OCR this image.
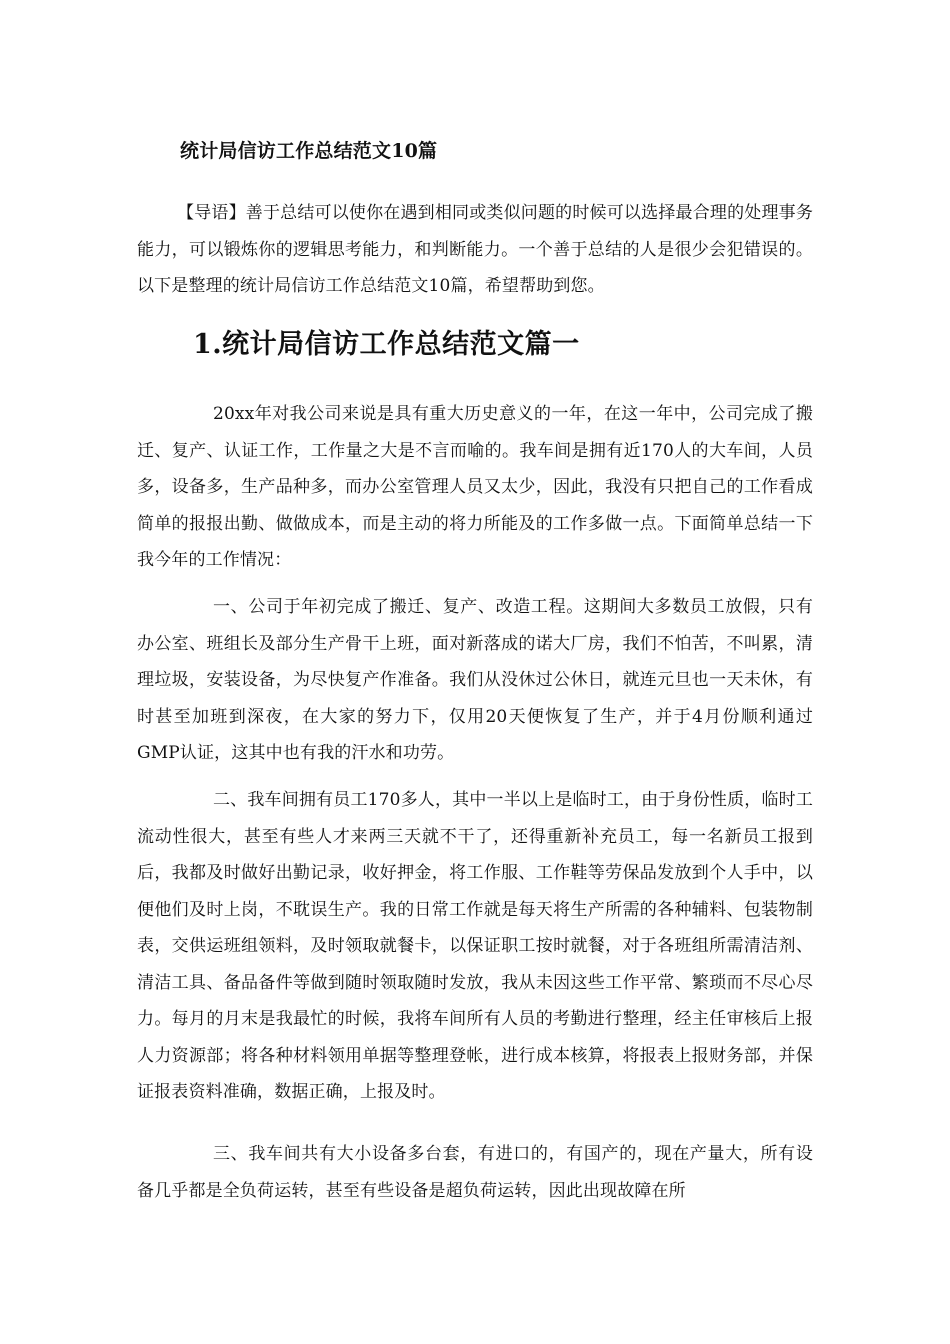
统计局信访工作总结范文10篇

【导语】善于总结可以使你在遇到相同或类似问题的时候可以选择最合理的处理事务能力，可以锻炼你的逻辑思考能力，和判断能力。一个善于总结的人是很少会犯错误的。以下是整理的统计局信访工作总结范文10篇，希望帮助到您。

1.统计局信访工作总结范文篇一

20xx年对我公司来说是具有重大历史意义的一年，在这一年中，公司完成了搬迁、复产、认证工作，工作量之大是不言而喻的。我车间是拥有近170人的大车间，人员多，设备多，生产品种多，而办公室管理人员又太少，因此，我没有只把自己的工作看成简单的报报出勤、做做成本，而是主动的将力所能及的工作多做一点。下面简单总结一下我今年的工作情况：

一、公司于年初完成了搬迁、复产、改造工程。这期间大多数员工放假，只有办公室、班组长及部分生产骨干上班，面对新落成的诺大厂房，我们不怕苦，不叫累，清理垃圾，安装设备，为尽快复产作准备。我们从没休过公休日，就连元旦也一天未休，有时甚至加班到深夜，在大家的努力下，仅用20天便恢复了生产，并于4月份顺利通过GMP认证，这其中也有我的汗水和功劳。

二、我车间拥有员工170多人，其中一半以上是临时工，由于身份性质，临时工流动性很大，甚至有些人才来两三天就不干了，还得重新补充员工，每一名新员工报到后，我都及时做好出勤记录，收好押金，将工作服、工作鞋等劳保品发放到个人手中，以便他们及时上岗，不耽误生产。我的日常工作就是每天将生产所需的各种辅料、包装物制表，交供运班组领料，及时领取就餐卡，以保证职工按时就餐，对于各班组所需清洁剂、清洁工具、备品备件等做到随时领取随时发放，我从未因这些工作平常、繁琐而不尽心尽力。每月的月末是我最忙的时候，我将车间所有人员的考勤进行整理，经主任审核后上报人力资源部；将各种材料领用单据等整理登帐，进行成本核算，将报表上报财务部，并保证报表资料准确，数据正确，上报及时。

三、我车间共有大小设备多台套，有进口的，有国产的，现在产量大，所有设备几乎都是全负荷运转，甚至有些设备是超负荷运转，因此出现故障在所
